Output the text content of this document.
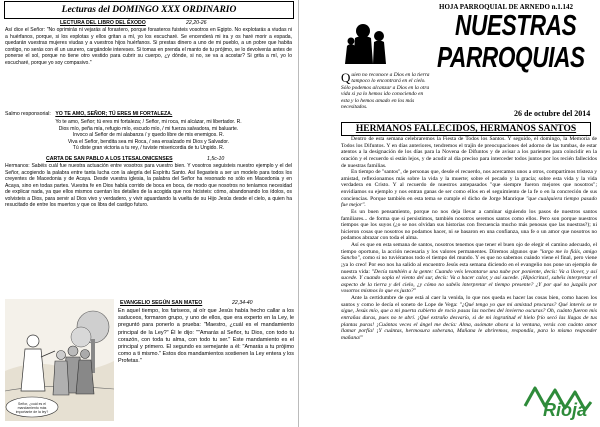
Lecturas del DOMINGO XXX ORDINARIO
LECTURA DEL LIBRO DEL ÉXODO	22,20-26
Así dice el Señor: "No oprimirás ni vejarás al forastero, porque forasteros fuisteis vosotros en Egipto. No explotarás a viudas ni a huérfanos, porque, si los explotas y ellos gritan a mí, yo los escucharé. Se encenderá mi ira y os haré morir a espada, quedarán vuestras mujeres viudas y a vuestros hijos huérfanos. Si prestas dinero a uno de mi pueblo, a un pobre que habita contigo, no serás con él un usurero, cargándole intereses. Si tomas en prenda el manto de tu prójimo, se lo devolverás antes de ponerse el sol, porque no tiene otro vestido para cubrir su cuerpo, ¿y dónde, si no, se va a acostar? Si grita a mí, yo lo escucharé, porque yo soy compasivo."
Salmo responsorial: YO TE AMO, SEÑOR; TÚ ERES MI FORTALEZA.
Yo te amo, Señor; tú eres mi fortaleza; / Señor, mi roca, mi alcázar, mi libertador. R.
Dios mío, peña mía, refugio mío, escudo mío, / mi fuerza salvadora, mi baluarte.
Invoco al Señor de mi alabanza / y quedo libre de mis enemigos. R.
Viva el Señor, bendita sea mi Roca, / sea ensalzado mi Dios y Salvador.
Tú diste gran victoria a tu rey, / tuviste misericordia de tu Ungido. R.
CARTA DE SAN PABLO A LOS 1TESALONICENSES	1,5c-10
Hermanos: Sabéis cuál fue nuestra actuación entre vosotros para vuestro bien. Y vosotros seguisteis nuestro ejemplo y el del Señor, acogiendo la palabra entre tanta lucha con la alegría del Espíritu Santo. Así llegasteis a ser un modelo para todos los creyentes de Macedonia y de Acaya. Desde vuestra iglesia, la palabra del Señor ha resonado no sólo en Macedonia y en Acaya, sino en todas partes. Vuestra fe en Dios había corrido de boca en boca, de modo que nosotros no teníamos necesidad de explicar nada, ya que ellos mismos cuentan los detalles de la acogida que nos hicisteis: cómo, abandonando los ídolos, os volvisteis a Dios, para servir al Dios vivo y verdadero, y vivir aguardando la vuelta de su Hijo Jesús desde el cielo, a quien ha resucitado de entre los muertos y que os libra del castigo futuro.
Señor, ¿cuál es el mandamiento más importante de la ley?
EVANGELIO SEGÚN SAN MATEO	22,34-40
En aquel tiempo, los fariseos, al oír que Jesús había hecho callar a los saduceos, formaron grupo, y uno de ellos, que era experto en la Ley, le preguntó para ponerlo a prueba: "Maestro, ¿cuál es el mandamiento principal de la Ley?" Él le dijo: ""Amarás al Señor, tu Dios, con todo tu corazón, con toda tu alma, con todo tu ser." Este mandamiento es el principal y primero. El segundo es semejante a él: "Amarás a tu prójimo como a ti mismo." Estos dos mandamientos sostienen la Ley entera y los Profetas."
HOJA PARROQUIAL DE ARNEDO n.1.142
NUESTRAS
PARROQUIAS
26 de octubre del 2014
Quien no reconoce a Dios en la tierra tampoco lo encontrará en el cielo. Sólo podemos alcanzar a Dios en la otra vida si ya lo hemos ido conociendo en esta y lo hemos amado en los más necesitados.
HERMANOS FALLECIDOS, HERMANOS SANTOS

Dentro de esta semana celebraremos la Fiesta de Todos los Santos. Y seguido, el domingo, la Memoria de Todos los Difuntos. Y en días anteriores, tendremos el trajín de preocupaciones del adorno de las tumbas, de estar atentos a la designación de los días para la Novena de Difuntos y de avisar a los parientes para coincidir en la oración y el recuerdo si están lejos, y de acudir al día preciso para interceder todos juntos por los recién fallecidos de nuestras familias.

En tiempo de "santos", de personas que, desde el recuerdo, nos acercamos unos a otros, compartimos tristeza y amistad, reflexionamos más sobre la vida y la muerte; sobre el pecado y la gracia; sobre esta vida y la vida verdadera en Cristo. Y al recuerdo de nuestros antepasados "que siempre fueron mejores que nosotros"; envidiamos su ejemplo y nos entran ganas de ser como ellos en el seguimiento de la fe o en la concreción de sus conciencias. Porque también en esta tema se cumple el dicho de Jorge Manrique "que cualquiera tiempo pasado fue mejor".

Es un buen pensamiento, porque no nos deja llevar a caminar siguiendo los pasos de nuestros santos familiares... de forma que si persistimos, también nosotros seremos santos como ellos. Pero son porque nuestros tiempos que los suyos (¿o se nos olvidan sus historias con frecuencia mucho más penosas que las nuestras?); ni hicieron cosas que nosotros no podamos hacer, ni se basaron en una confianza, una fe o un amor que nosotros no podamos abrazar con toda el alma.

Así es que en esta semana de santos, nosotros tenemos que tener el buen ojo de elegir el camino adecuado, el tiempo oportuno, la acción necesaria y los valores permanentes. Diremos algunos que "largo me lo fiáis, amigo Sancho", como si no tuviéramos todo el tiempo del mundo. Y es que no sabemos cuándo viene el final, pero viene ¡ya lo creo! Por eso nos ha salido al encuentro Jesús esta semana diciendo en el evangelio nos pone un ejemplo de nuestra vida: "Decía también a la gente: Cuando veis levantarse una nube por poniente, decís: Va a llover, y así sucede. Y cuando sopla el viento del sur, decís: Va a hacer calor, y así sucede. ¡Hipócritas!, sabéis interpretar el aspecto de la tierra y del cielo, ¿y cómo no sabéis interpretar el tiempo presente? ¿Y por qué no juzgáis por vosotros mismos lo que es justo?"

Ante la certidumbre de que está al caer la venida, lo que nos queda es hacer las cosas bien, como hacen los santos y como le decía el soneto de Lope de Vega: "¿Qué tengo yo que mi amistad procuras? Qué interés se te sigue, Jesús mío, que a mi puerta cubierto de rocío pasas las noches del invierno oscuras? Oh, cuánto fueron mis entrañas duras, pues no te abrí. ¡Qué extraño desvarío, si de mi ingratitud el hielo frío secó las llagas de tus plantas puras! ¡Cuántas veces el ángel me decía: Alma, asómate ahora a la ventana, verás con cuánto amor llamar porfía! ¡Y cuántas, hermosura soberana, Mañana le abriremos, respondía, para lo mismo responder mañana!"

Rioja
